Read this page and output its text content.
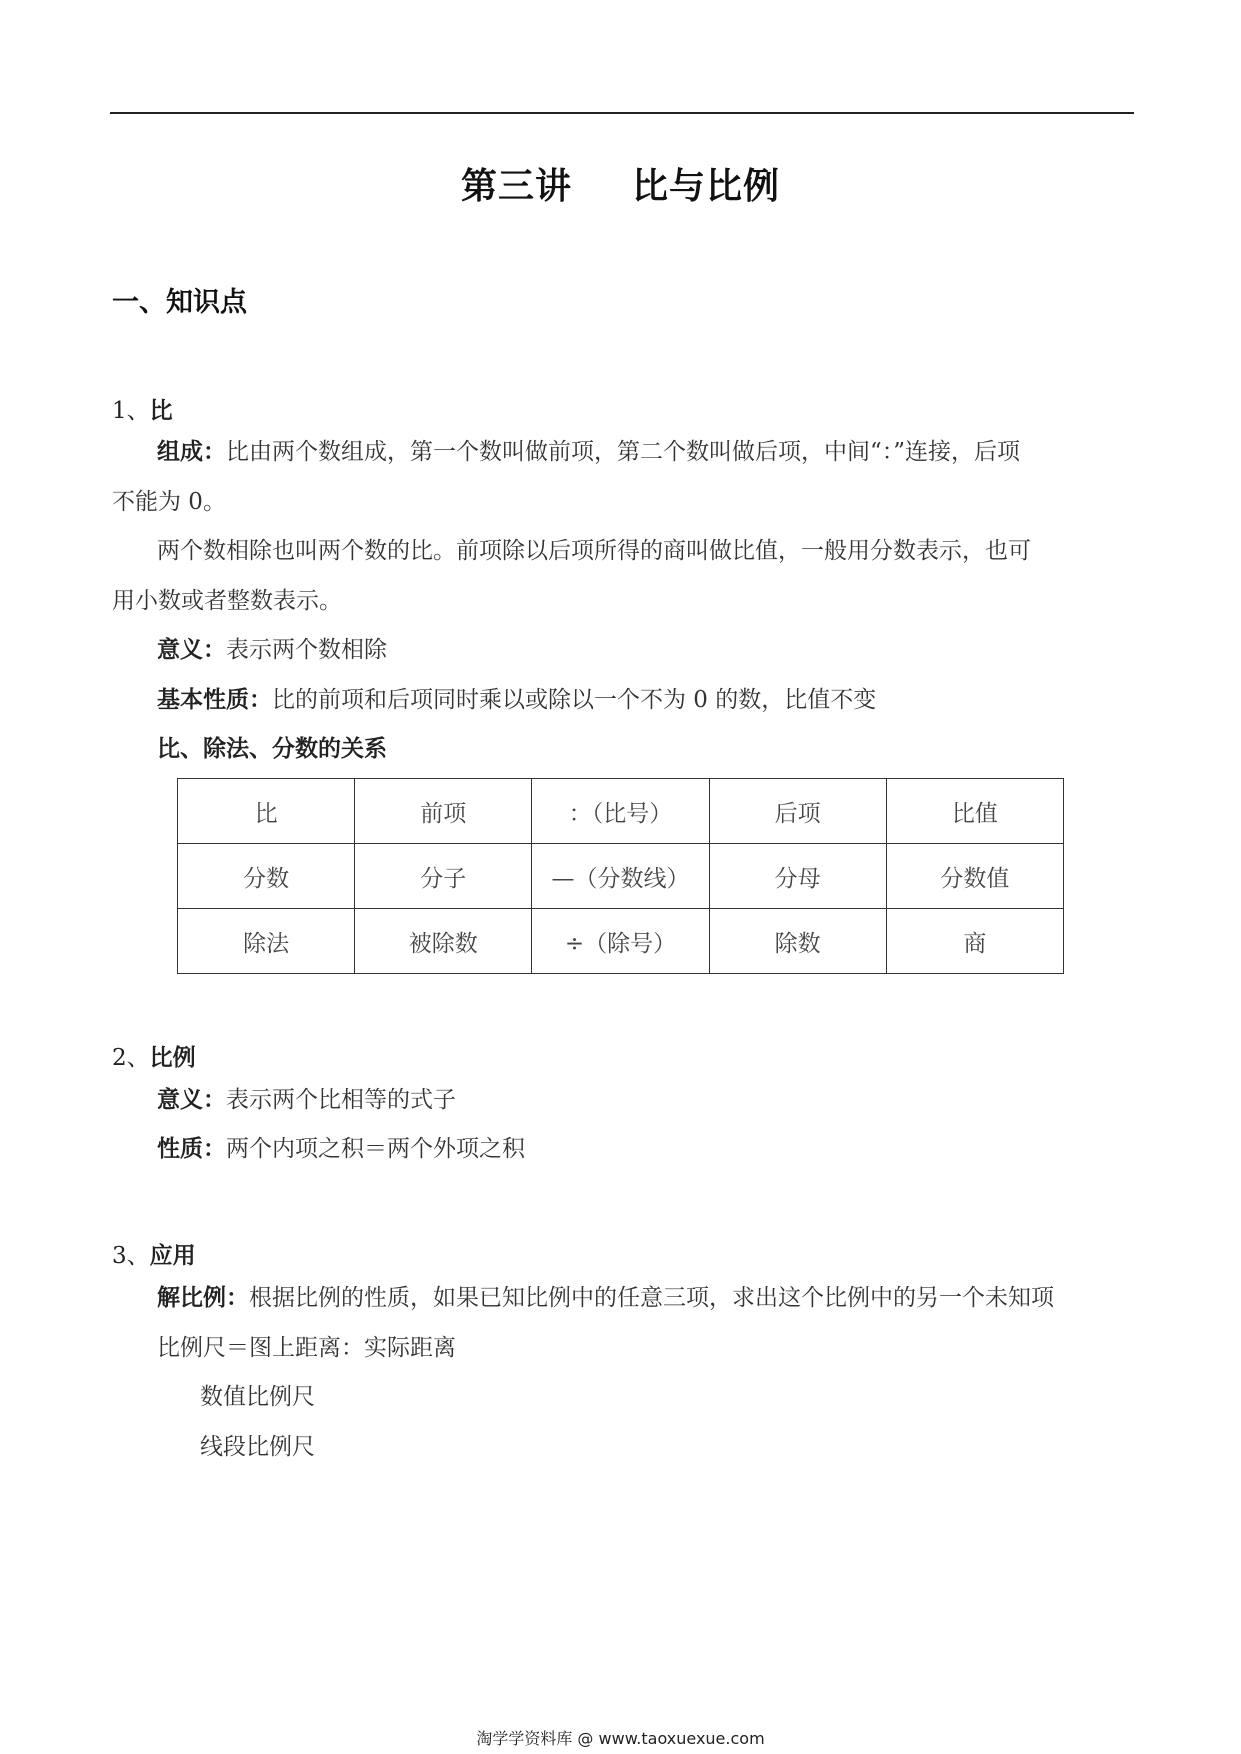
第三讲 比与比例
一、知识点
1、比
组成：比由两个数组成，第一个数叫做前项，第二个数叫做后项，中间“：”连接，后项
不能为 0。
两个数相除也叫两个数的比。前项除以后项所得的商叫做比值，一般用分数表示，也可
用小数或者整数表示。
意义：表示两个数相除
基本性质：比的前项和后项同时乘以或除以一个不为 0 的数，比值不变
比、除法、分数的关系
比	前项	：（比号）	后项	比值
分数	分子	—（分数线）	分母	分数值
除法	被除数	÷（除号）	除数	商
2、比例
意义：表示两个比相等的式子
性质：两个内项之积＝两个外项之积
3、应用
解比例：根据比例的性质，如果已知比例中的任意三项，求出这个比例中的另一个未知项
比例尺＝图上距离：实际距离
数值比例尺
线段比例尺
淘学学资料库 @ www.taoxuexue.com
